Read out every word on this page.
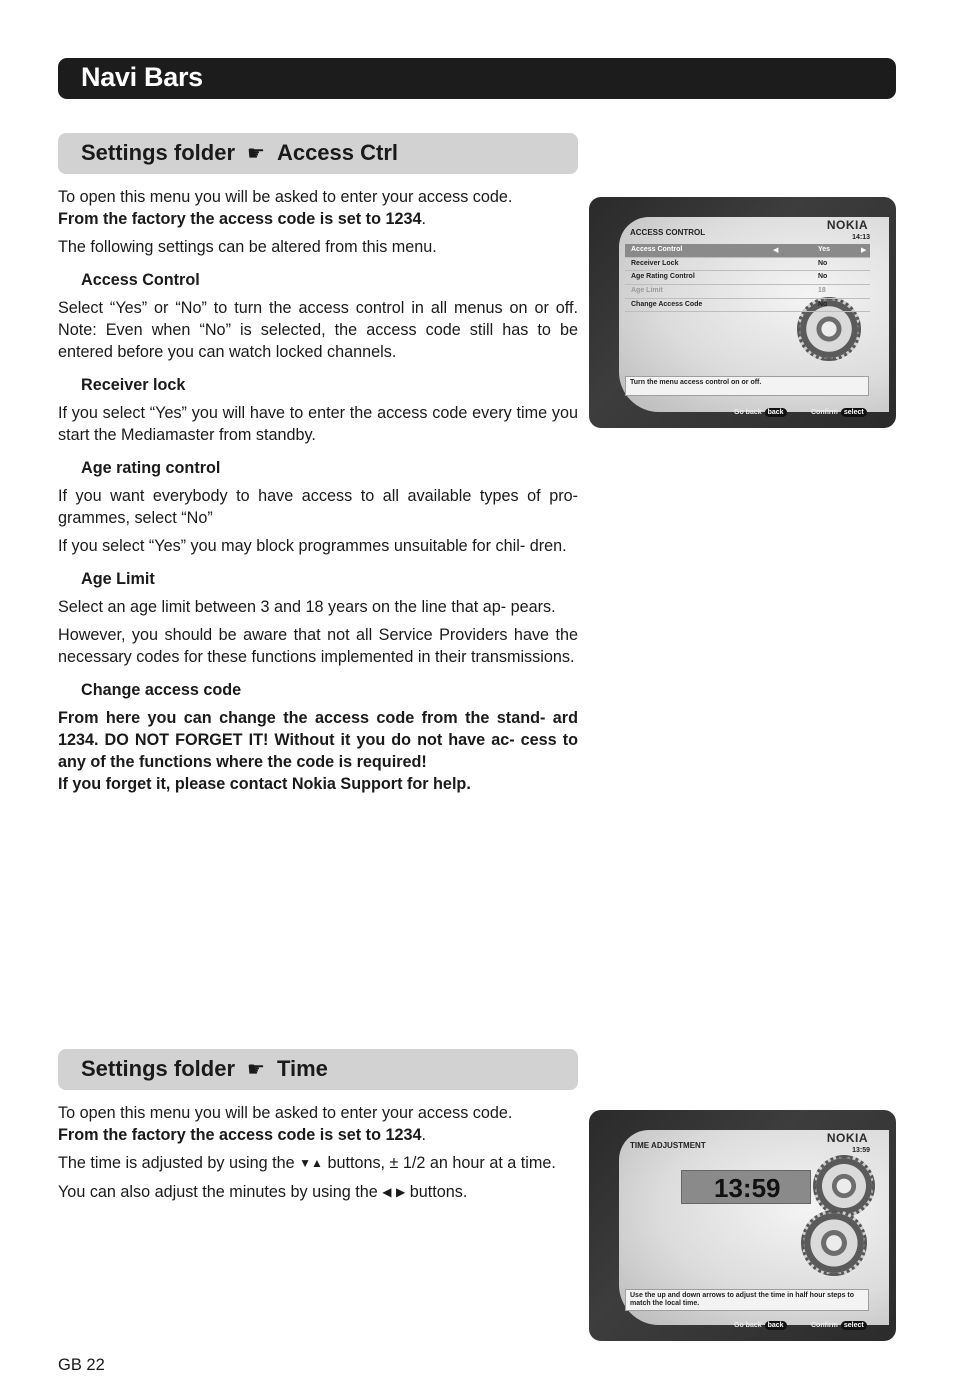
Navi Bars
Settings folder ☛ Access Ctrl

To open this menu you will be asked to enter your access code.
From the factory the access code is set to 1234.

The following settings can be altered from this menu.

Access Control

Select “Yes” or “No” to turn the access control in all menus on or off. Note: Even when “No” is selected, the access code still has to be entered before you can watch locked channels.

Receiver lock

If you select “Yes” you will have to enter the access code every time you start the Mediamaster from standby.

Age rating control

If you want everybody to have access to all available types of pro- grammes, select “No”

If you select “Yes” you may block programmes unsuitable for chil- dren.

Age Limit

Select an age limit between 3 and 18 years on the line that ap- pears.

However, you should be aware that not all Service Providers have the necessary codes for these functions implemented in their transmissions.

Change access code

From here you can change the access code from the stand- ard 1234. DO NOT FORGET IT! Without it you do not have ac- cess to any of the functions where the code is required!

If you forget it, please contact Nokia Support for help.

NOKIA
ACCESS CONTROL
14:13
Access Control	◀	Yes	▶
Receiver Lock	No
Age Rating Control	No
Age Limit	18
Change Access Code	No
Turn the menu access control on or off.
Go back back	Confirm select
Settings folder ☛ Time

To open this menu you will be asked to enter your access code.
From the factory the access code is set to 1234.

The time is adjusted by using the ▼▲ buttons, ± 1/2 an hour at a time.

You can also adjust the minutes by using the ◀ ▶ buttons.

NOKIA
TIME ADJUSTMENT
13:59
13:59
Use the up and down arrows to adjust the time in half hour steps to match the local time.
Go back back	Confirm select
GB 22
